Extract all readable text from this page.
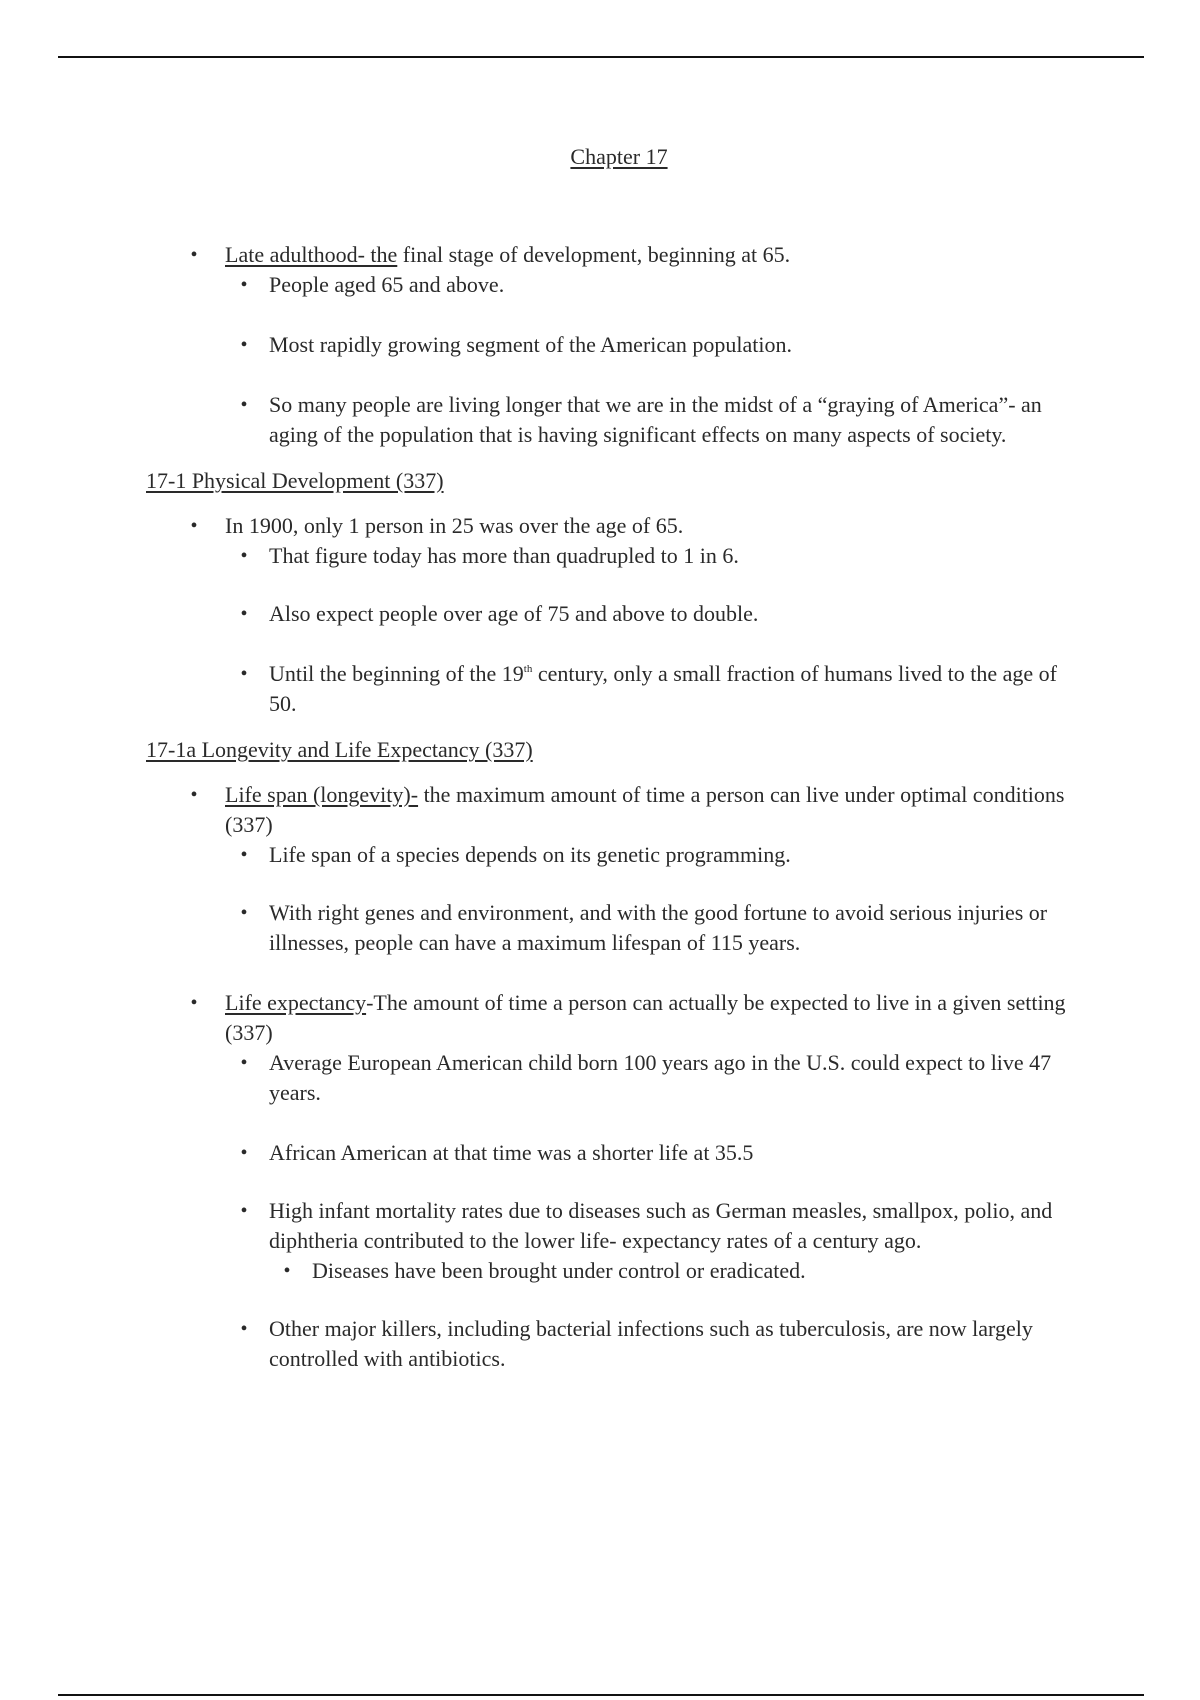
Chapter 17
• Late adulthood- the final stage of development, beginning at 65.
• People aged 65 and above.
• Most rapidly growing segment of the American population.
• So many people are living longer that we are in the midst of a “graying of America”- an aging of the population that is having significant effects on many aspects of society.
17-1 Physical Development (337)
• In 1900, only 1 person in 25 was over the age of 65.
• That figure today has more than quadrupled to 1 in 6.
• Also expect people over age of 75 and above to double.
• Until the beginning of the 19th century, only a small fraction of humans lived to the age of 50.
17-1a Longevity and Life Expectancy (337)
• Life span (longevity)- the maximum amount of time a person can live under optimal conditions (337)
• Life span of a species depends on its genetic programming.
• With right genes and environment, and with the good fortune to avoid serious injuries or illnesses, people can have a maximum lifespan of 115 years.
• Life expectancy-The amount of time a person can actually be expected to live in a given setting (337)
• Average European American child born 100 years ago in the U.S. could expect to live 47 years.
• African American at that time was a shorter life at 35.5
• High infant mortality rates due to diseases such as German measles, smallpox, polio, and diphtheria contributed to the lower life- expectancy rates of a century ago.
• Diseases have been brought under control or eradicated.
• Other major killers, including bacterial infections such as tuberculosis, are now largely controlled with antibiotics.
